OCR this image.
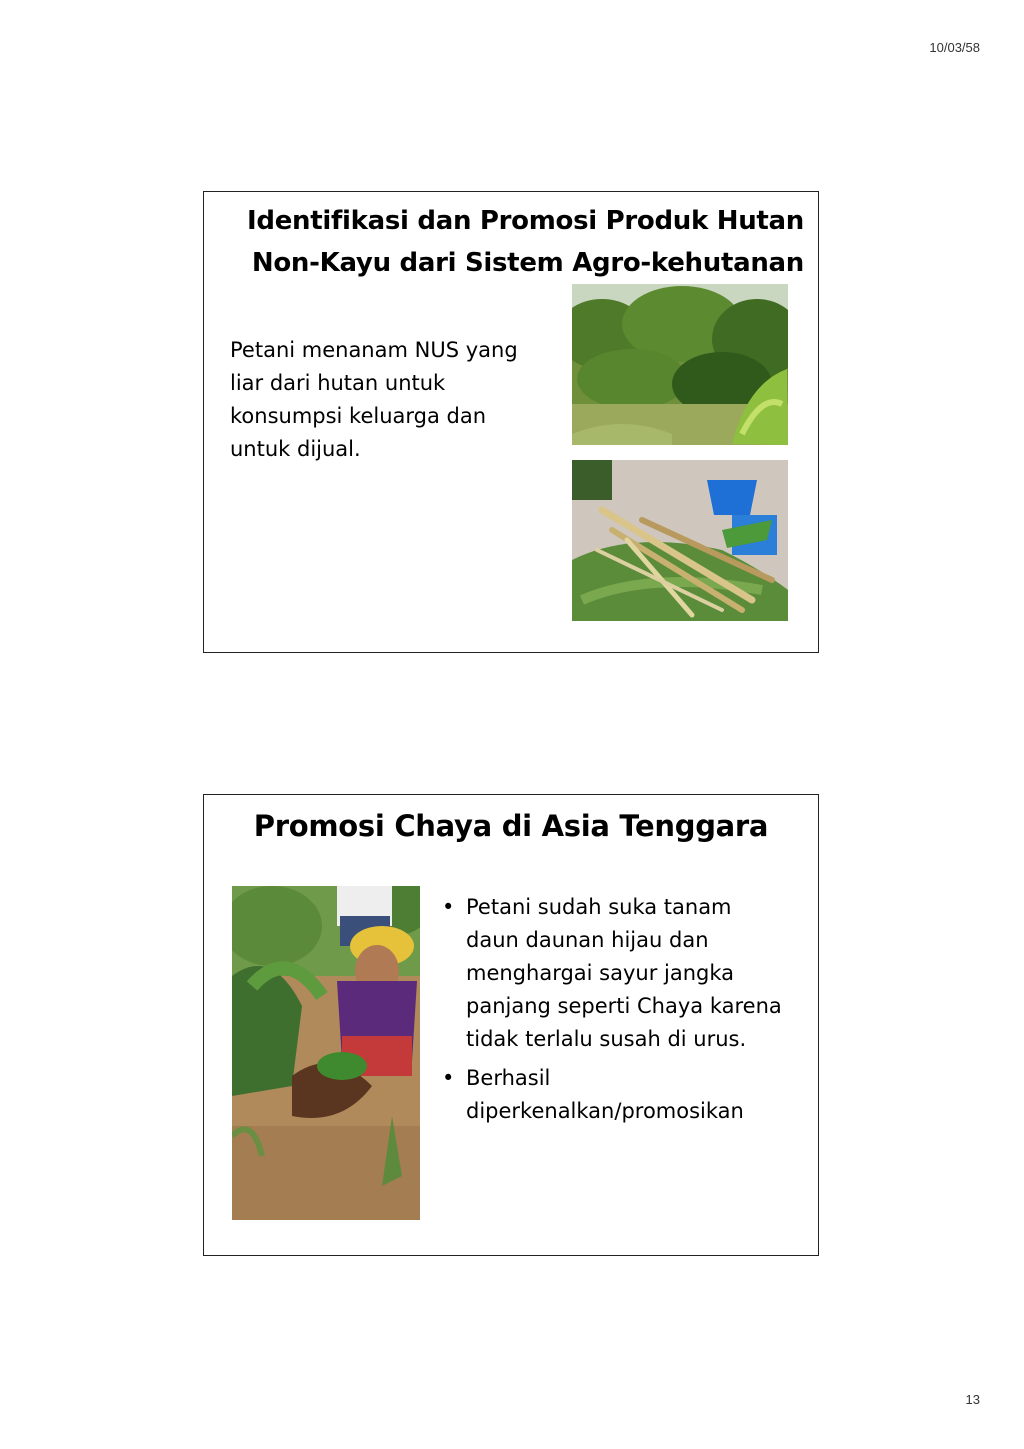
10/03/58
Identifikasi dan Promosi Produk Hutan
Non-Kayu dari Sistem Agro-kehutanan
Petani menanam NUS yang liar dari hutan untuk konsumpsi keluarga dan untuk dijual.
Promosi Chaya di Asia Tenggara
• Petani sudah suka tanam daun daunan hijau dan menghargai sayur jangka panjang seperti Chaya karena tidak terlalu susah di urus.
• Berhasil diperkenalkan/promosikan
13
